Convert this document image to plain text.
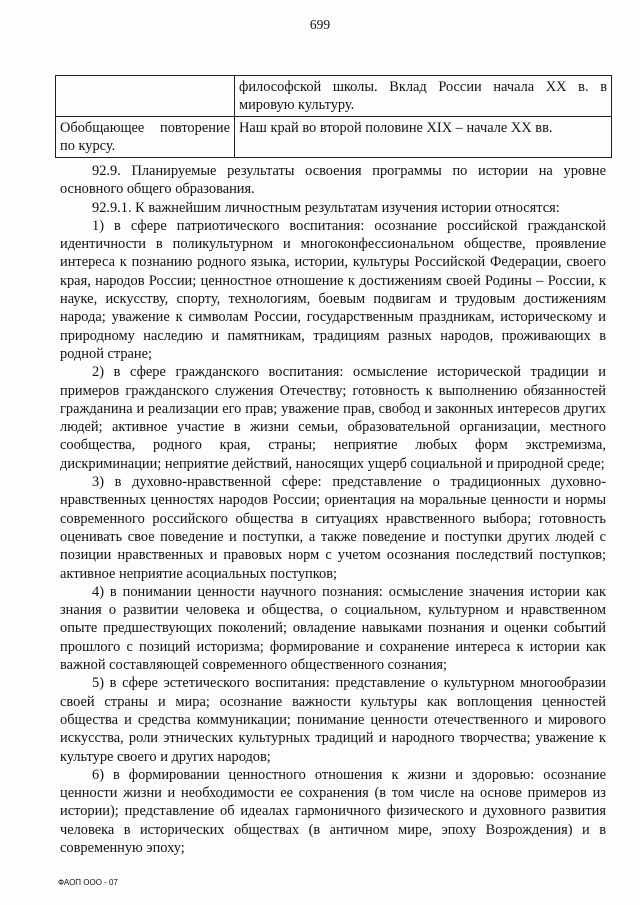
699
	философской школы. Вклад России начала XX в. в мировую культуру.
Обобщающее повторение по курсу.	Наш край во второй половине XIX – начале XX вв.

92.9. Планируемые результаты освоения программы по истории на уровне основного общего образования.

92.9.1. К важнейшим личностным результатам изучения истории относятся:

1) в сфере патриотического воспитания: осознание российской гражданской идентичности в поликультурном и многоконфессиональном обществе, проявление интереса к познанию родного языка, истории, культуры Российской Федерации, своего края, народов России; ценностное отношение к достижениям своей Родины – России, к науке, искусству, спорту, технологиям, боевым подвигам и трудовым достижениям народа; уважение к символам России, государственным праздникам, историческому и природному наследию и памятникам, традициям разных народов, проживающих в родной стране;

2) в сфере гражданского воспитания: осмысление исторической традиции и примеров гражданского служения Отечеству; готовность к выполнению обязанностей гражданина и реализации его прав; уважение прав, свобод и законных интересов других людей; активное участие в жизни семьи, образовательной организации, местного сообщества, родного края, страны; неприятие любых форм экстремизма, дискриминации; неприятие действий, наносящих ущерб социальной и природной среде;

3) в духовно-нравственной сфере: представление о традиционных духовно-нравственных ценностях народов России; ориентация на моральные ценности и нормы современного российского общества в ситуациях нравственного выбора; готовность оценивать свое поведение и поступки, а также поведение и поступки других людей с позиции нравственных и правовых норм с учетом осознания последствий поступков; активное неприятие асоциальных поступков;

4) в понимании ценности научного познания: осмысление значения истории как знания о развитии человека и общества, о социальном, культурном и нравственном опыте предшествующих поколений; овладение навыками познания и оценки событий прошлого с позиций историзма; формирование и сохранение интереса к истории как важной составляющей современного общественного сознания;

5) в сфере эстетического воспитания: представление о культурном многообразии своей страны и мира; осознание важности культуры как воплощения ценностей общества и средства коммуникации; понимание ценности отечественного и мирового искусства, роли этнических культурных традиций и народного творчества; уважение к культуре своего и других народов;

6) в формировании ценностного отношения к жизни и здоровью: осознание ценности жизни и необходимости ее сохранения (в том числе на основе примеров из истории); представление об идеалах гармоничного физического и духовного развития человека в исторических обществах (в античном мире, эпоху Возрождения) и в современную эпоху;

ФАОП ООО - 07
